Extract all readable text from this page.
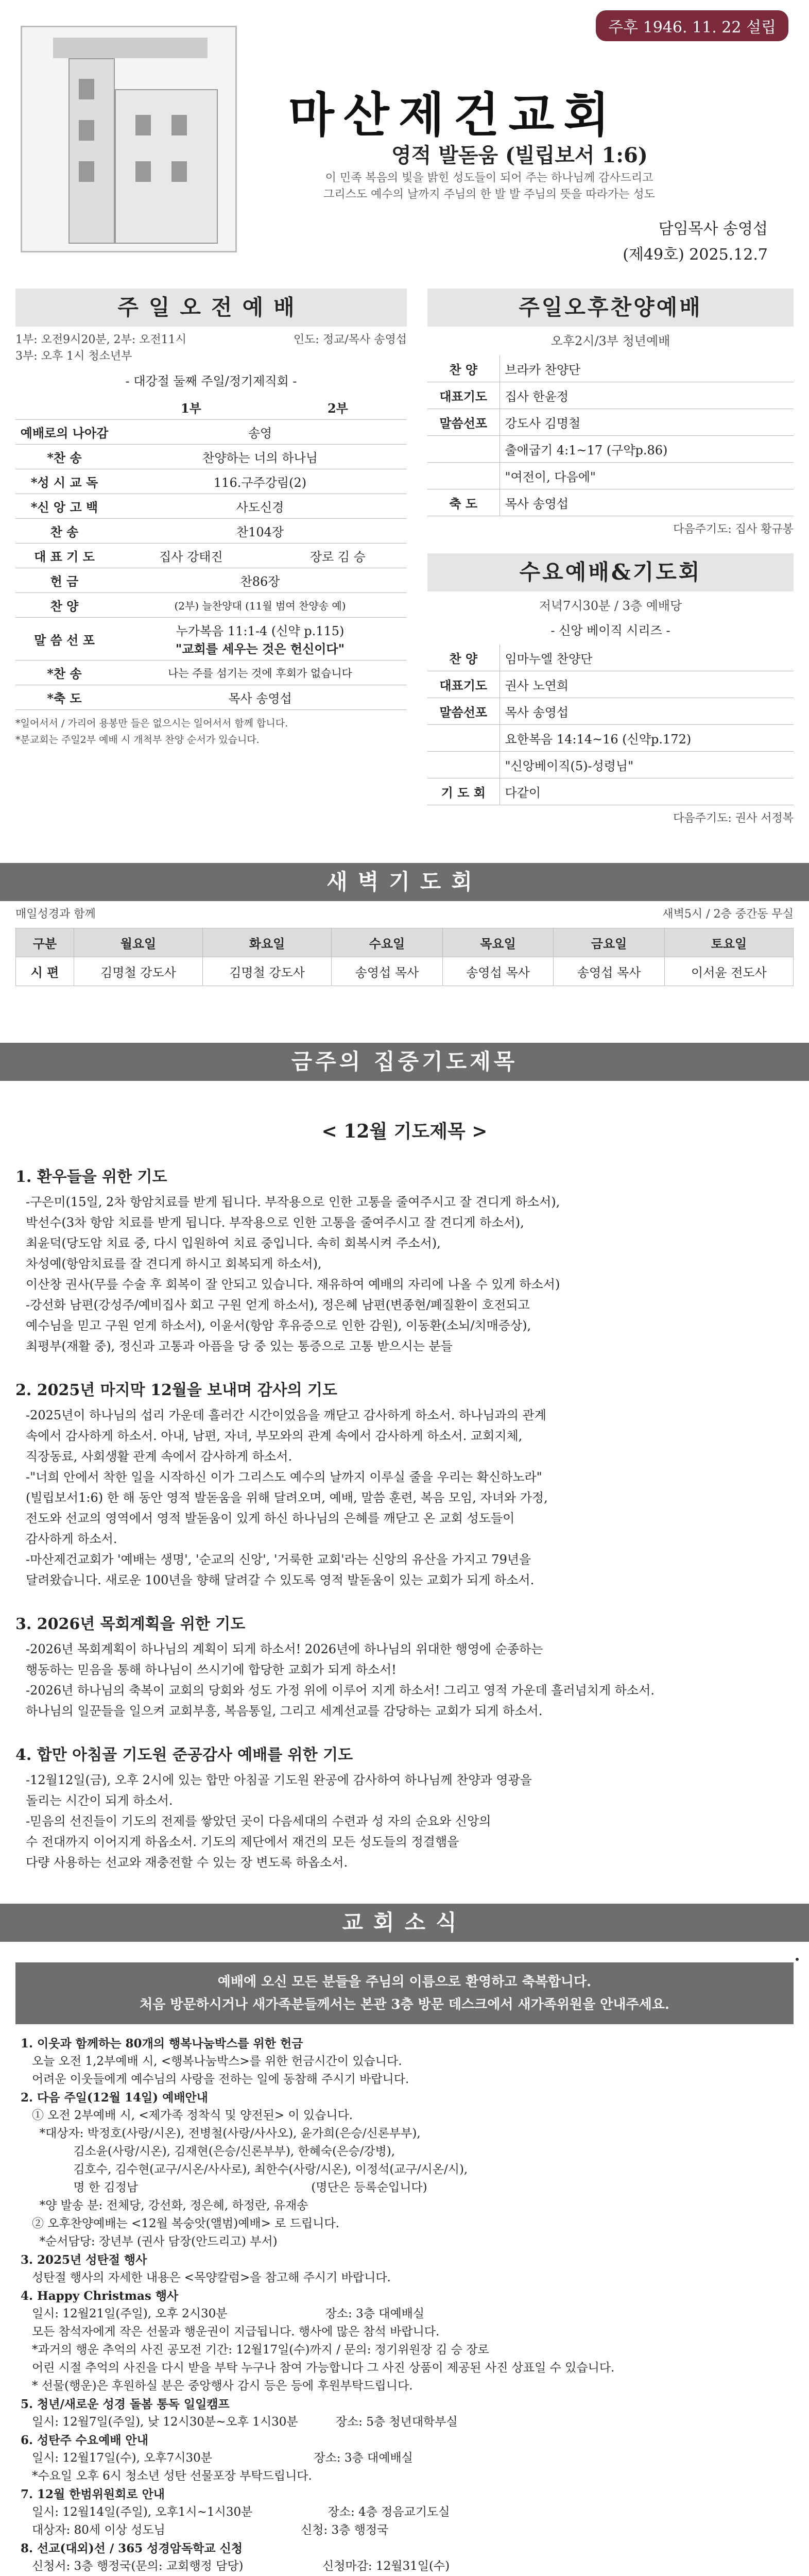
주후 1946. 11. 22 설립
마산제건교회
영적 발돋움 (빌립보서 1:6)
이 민족 복음의 빛을 밝힌 성도들이 되어 주는 하나님께 감사드리고
그리스도 예수의 날까지 주님의 한 발 발 주님의 뜻을 따라가는 성도
담임목사 송영섭
(제49호) 2025.12.7
주일오전예배
1부: 오전9시20분, 2부: 오전11시
3부: 오후 1시 청소년부
인도: 정교/목사 송영섭
- 대강절 둘째 주일/정기제직회 -
	1부	2부
예배로의 나아감	송영	
*찬 송	찬양하는 너의 하나님	
*성 시 교 독	116.구주강림(2)	
*신 앙 고 백	사도신경	
찬 송	찬104장	
대 표 기 도	집사 강태진	장로 김 승
헌 금	찬86장	
찬 양	(2부) 늘찬양대 (11월 범여 찬양송 예)	
말 씀 선 포	누가복음 11:1-4 (신약 p.115)
"교회를 세우는 것은 헌신이다"	

*찬 송	나는 주를 섬기는 것에 후회가 없습니다	
*축 도	목사 송영섭	
*일어서서 / 가리어 용봉만 들은 없으시는 일어서서 함께 합니다.
*분교회는 주일2부 예배 시 개척부 찬양 순서가 있습니다.
주일오후찬양예배
오후2시/3부 청년예배
찬 양	브라카 찬양단
대표기도	집사 한윤정
말씀선포	강도사 김명철
	출애굽기 4:1~17 (구약p.86)
	"여전이, 다음에"
축 도	목사 송영섭
다음주기도: 집사 황규봉
수요예배&기도회
저녁7시30분 / 3층 예배당
- 신앙 베이직 시리즈 -
찬 양	임마누엘 찬양단
대표기도	권사 노연희
말씀선포	목사 송영섭
	요한복음 14:14~16 (신약p.172)
	"신앙베이직(5)-성령님"
기 도 회	다같이
다음주기도: 권사 서정복
새벽기도회
매일성경과 함께	새벽5시 / 2층 중간동 무실
구분	월요일	화요일	수요일	목요일	금요일	토요일
시 편	김명철 강도사	김명철 강도사	송영섭 목사	송영섭 목사	송영섭 목사	이서윤 전도사
금주의 집중기도제목
< 12월 기도제목 >
1. 환우들을 위한 기도

-구은미(15일, 2차 항암치료를 받게 됩니다. 부작용으로 인한 고통을 줄여주시고 잘 견디게 하소서),

박선수(3차 항암 치료를 받게 됩니다. 부작용으로 인한 고통을 줄여주시고 잘 견디게 하소서),

최윤덕(당도암 치료 중, 다시 입원하여 치료 중입니다. 속히 회복시켜 주소서),

차성예(항암치료를 잘 견디게 하시고 회복되게 하소서),

이산창 권사(무릎 수술 후 회복이 잘 안되고 있습니다. 재유하여 예배의 자리에 나올 수 있게 하소서)

-강선화 남편(강성주/예비집사 회고 구원 얻게 하소서), 정은혜 남편(변종현/폐질환이 호전되고

예수님을 믿고 구원 얻게 하소서), 이윤서(항암 후유증으로 인한 감원), 이동환(소뇌/치매증상),

최평부(재활 중), 정신과 고통과 아픔을 당 중 있는 통증으로 고통 받으시는 분들

2. 2025년 마지막 12월을 보내며 감사의 기도

-2025년이 하나님의 섭리 가운데 흘러간 시간이었음을 깨닫고 감사하게 하소서. 하나님과의 관계

속에서 감사하게 하소서. 아내, 남편, 자녀, 부모와의 관계 속에서 감사하게 하소서. 교회지체,

직장동료, 사회생활 관계 속에서 감사하게 하소서.

-"너희 안에서 착한 일을 시작하신 이가 그리스도 예수의 날까지 이루실 줄을 우리는 확신하노라"

(빌립보서1:6) 한 해 동안 영적 발돋움을 위해 달려오며, 예배, 말씀 훈련, 복음 모임, 자녀와 가정,

전도와 선교의 영역에서 영적 발돋움이 있게 하신 하나님의 은혜를 깨닫고 온 교회 성도들이

감사하게 하소서.

-마산제건교회가 '예배는 생명', '순교의 신앙', '거룩한 교회'라는 신앙의 유산을 가지고 79년을

달려왔습니다. 새로운 100년을 향해 달려갈 수 있도록 영적 발돋움이 있는 교회가 되게 하소서.

3. 2026년 목회계획을 위한 기도

-2026년 목회계획이 하나님의 계획이 되게 하소서! 2026년에 하나님의 위대한 행영에 순종하는

행동하는 믿음을 통해 하나님이 쓰시기에 합당한 교회가 되게 하소서!

-2026년 하나님의 축복이 교회의 당회와 성도 가정 위에 이루어 지게 하소서! 그리고 영적 가운데 흘러넘치게 하소서.

하나님의 일꾼들을 일으켜 교회부흥, 복음통일, 그리고 세계선교를 감당하는 교회가 되게 하소서.

4. 합만 아침골 기도원 준공감사 예배를 위한 기도

-12월12일(금), 오후 2시에 있는 합만 아침골 기도원 완공에 감사하여 하나님께 찬양과 영광을

돌리는 시간이 되게 하소서.

-믿음의 선진들이 기도의 전제를 쌓았던 곳이 다음세대의 수련과 성 자의 순요와 신앙의

수 전대까지 이어지게 하옵소서. 기도의 제단에서 재건의 모든 성도들의 정결햄을

다량 사용하는 선교와 재충전할 수 있는 장 변도록 하옵소서.

교회소식
예배에 오신 모든 분들을 주님의 이름으로 환영하고 축복합니다.
처음 방문하시거나 새가족분들께서는 본관 3층 방문 데스크에서 새가족위원을 안내주세요.
1. 이웃과 함께하는 80개의 행복나눔박스를 위한 헌금
오늘 오전 1,2부예배 시, <행복나눔박스>를 위한 헌금시간이 있습니다.
어려운 이웃들에게 예수님의 사랑을 전하는 일에 동참해 주시기 바랍니다.
2. 다음 주일(12월 14일) 예배안내
① 오전 2부예배 시, <제가족 정착식 및 양전된> 이 있습니다.
*대상자: 박정호(사랑/시온), 전병철(사랑/사사오), 윤가희(은승/신론부부),
김소윤(사랑/시온), 김재현(은승/신론부부), 한혜숙(은승/강병),
김호수, 김수현(교구/시온/사사로), 최한수(사랑/시온), 이정석(교구/시온/시),
명 한 김정남                                              (명단은 등록순입니다)
*양 발송 분: 전체당, 강선화, 정은혜, 하정란, 유재송
② 오후찬양예배는 <12월 복숭앗(앨범)예배> 로 드립니다.
*순서담당: 장년부 (권사 담장(안드리고) 부서)
3. 2025년 성탄절 행사
성탄절 행사의 자세한 내용은 <목양칼럼>을 참고해 주시기 바랍니다.
4. Happy Christmas 행사
일시: 12월21일(주일), 오후 2시30분                          장소: 3층 대예배실
모든 참석자에게 작은 선물과 행운권이 지급됩니다. 행사에 많은 참석 바랍니다.
*과거의 행운 추억의 사진 공모전 기간: 12월17일(수)까지 / 문의: 정기위원장 김 승 장로
어린 시절 추억의 사진을 다시 받을 부탁 누구나 참여 가능합니다 그 사진 상품이 제공된 사진 상표일 수 있습니다.
* 선물(행운)은 후원하실 분은 중앙행사 감시 등은 등에 후원부탁드립니다.
5. 청년/새로운 성경 돌봄 통독 일일캠프
일시: 12월7일(주일), 낮 12시30분~오후 1시30분          장소: 5층 청년대학부실
6. 성탄주 수요예배 안내
일시: 12월17일(수), 오후7시30분                           장소: 3층 대예배실
*수요일 오후 6시 청소년 성탄 선물포장 부탁드립니다.
7. 12월 한범위원회로 안내
일시: 12월14일(주일), 오후1시~1시30분                    장소: 4층 정음교기도실
대상자: 80세 이상 성도님                                    신청: 3층 행정국
8. 선교(대외)선 / 365 성경암독학교 신청
신청서: 3층 행정국(문의: 교회행정 담당)                     신청마감: 12월31일(수)
